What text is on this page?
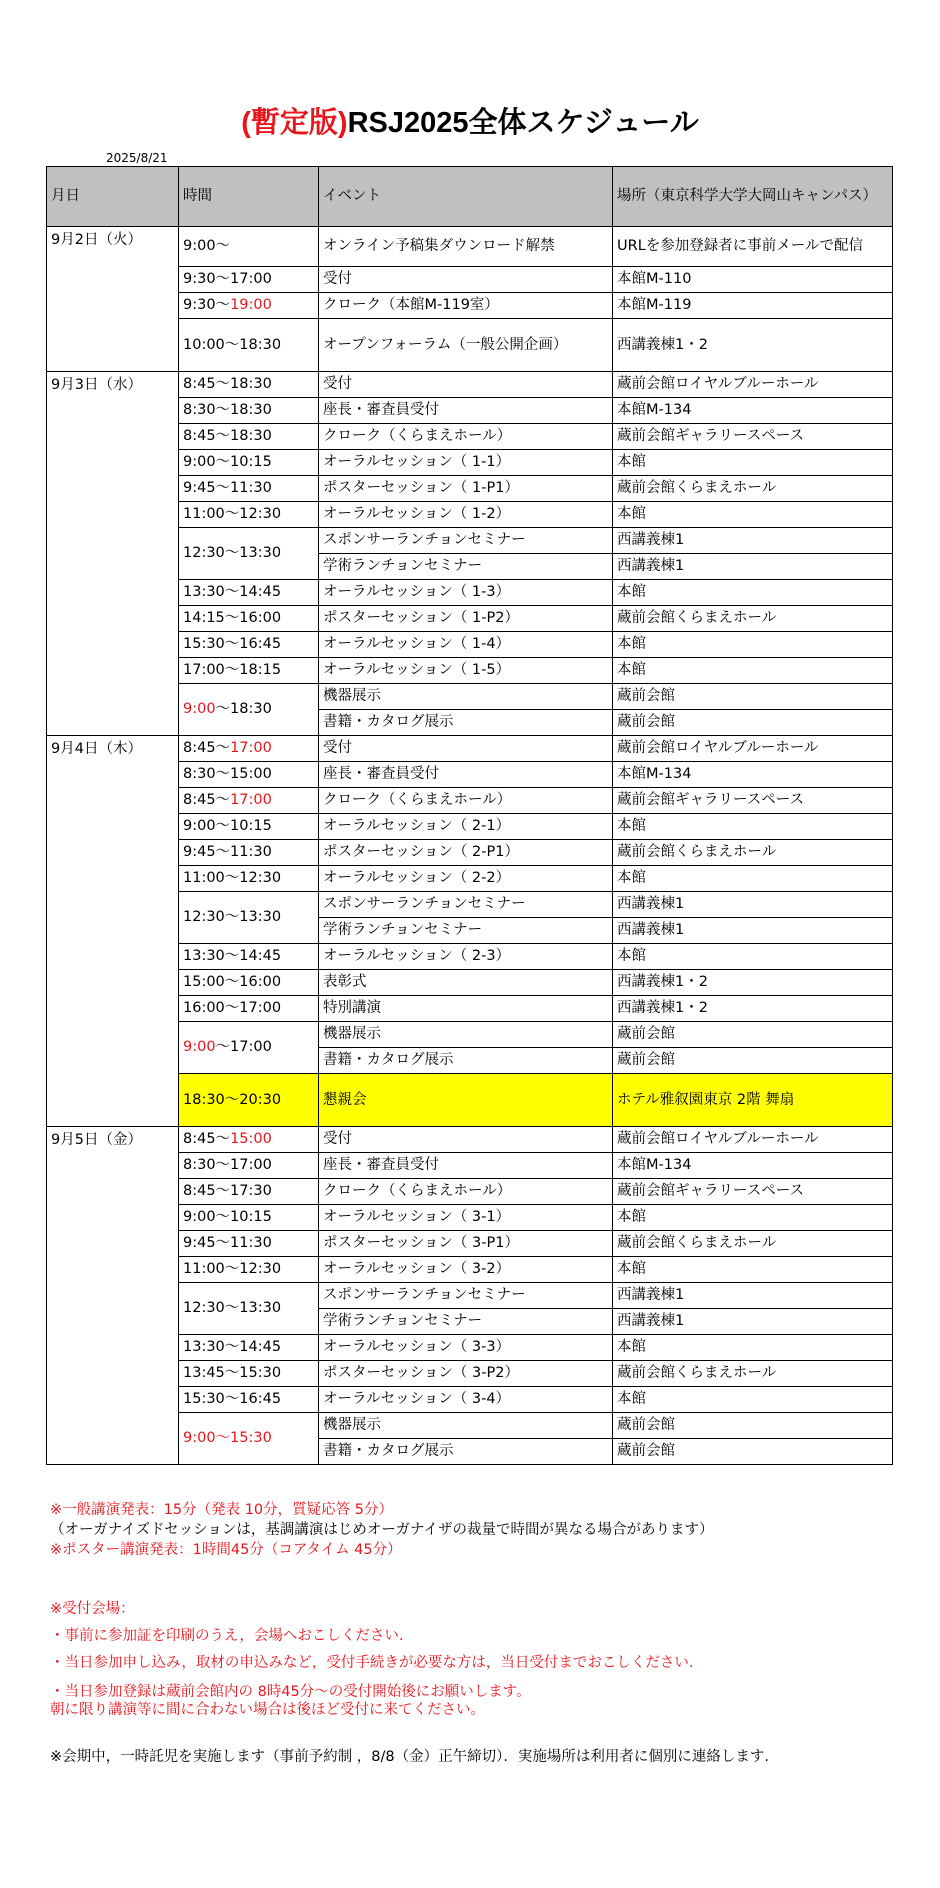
(暫定版)RSJ2025全体スケジュール
2025/8/21
月日	時間	イベント	場所（東京科学大学大岡山キャンパス）
9月2日（火）	9:00～	オンライン予稿集ダウンロード解禁	URLを参加登録者に事前メールで配信
	9:30～17:00	受付	本館M-110
	9:30～19:00	クローク（本館M-119室）	本館M-119
	10:00～18:30	オープンフォーラム（一般公開企画）	西講義棟1・2
9月3日（水）	8:45～18:30	受付	蔵前会館ロイヤルブルーホール
	8:30～18:30	座長・審査員受付	本館M-134
	8:45～18:30	クローク（くらまえホール）	蔵前会館ギャラリースペース
	9:00～10:15	オーラルセッション（ 1-1）	本館
	9:45～11:30	ポスターセッション（ 1-P1）	蔵前会館くらまえホール
	11:00～12:30	オーラルセッション（ 1-2）	本館
	12:30～13:30	スポンサーランチョンセミナー	西講義棟1
		学術ランチョンセミナー	西講義棟1
	13:30～14:45	オーラルセッション（ 1-3）	本館
	14:15～16:00	ポスターセッション（ 1-P2）	蔵前会館くらまえホール
	15:30～16:45	オーラルセッション（ 1-4）	本館
	17:00～18:15	オーラルセッション（ 1-5）	本館
	9:00～18:30	機器展示	蔵前会館
		書籍・カタログ展示	蔵前会館
9月4日（木）	8:45～17:00	受付	蔵前会館ロイヤルブルーホール
	8:30～15:00	座長・審査員受付	本館M-134
	8:45～17:00	クローク（くらまえホール）	蔵前会館ギャラリースペース
	9:00～10:15	オーラルセッション（ 2-1）	本館
	9:45～11:30	ポスターセッション（ 2-P1）	蔵前会館くらまえホール
	11:00～12:30	オーラルセッション（ 2-2）	本館
	12:30～13:30	スポンサーランチョンセミナー	西講義棟1
		学術ランチョンセミナー	西講義棟1
	13:30～14:45	オーラルセッション（ 2-3）	本館
	15:00～16:00	表彰式	西講義棟1・2
	16:00～17:00	特別講演	西講義棟1・2
	9:00～17:00	機器展示	蔵前会館
		書籍・カタログ展示	蔵前会館
	18:30～20:30	懇親会	ホテル雅叙園東京 2階 舞扇
9月5日（金）	8:45～15:00	受付	蔵前会館ロイヤルブルーホール
	8:30～17:00	座長・審査員受付	本館M-134
	8:45～17:30	クローク（くらまえホール）	蔵前会館ギャラリースペース
	9:00～10:15	オーラルセッション（ 3-1）	本館
	9:45～11:30	ポスターセッション（ 3-P1）	蔵前会館くらまえホール
	11:00～12:30	オーラルセッション（ 3-2）	本館
	12:30～13:30	スポンサーランチョンセミナー	西講義棟1
		学術ランチョンセミナー	西講義棟1
	13:30～14:45	オーラルセッション（ 3-3）	本館
	13:45～15:30	ポスターセッション（ 3-P2）	蔵前会館くらまえホール
	15:30～16:45	オーラルセッション（ 3-4）	本館
	9:00～15:30	機器展示	蔵前会館
		書籍・カタログ展示	蔵前会館
※一般講演発表：15分（発表 10分，質疑応答 5分）
（オーガナイズドセッションは，基調講演はじめオーガナイザの裁量で時間が異なる場合があります）
※ポスター講演発表：1時間45分（コアタイム 45分）
※受付会場：
・事前に参加証を印刷のうえ，会場へおこしください.
・当日参加申し込み，取材の申込みなど，受付手続きが必要な方は，当日受付までおこしください.
・当日参加登録は蔵前会館内の 8時45分～の受付開始後にお願いします。
朝に限り講演等に間に合わない場合は後ほど受付に来てください。
※会期中，一時託児を実施します（事前予約制 ，8/8（金）正午締切）．実施場所は利用者に個別に連絡します.
